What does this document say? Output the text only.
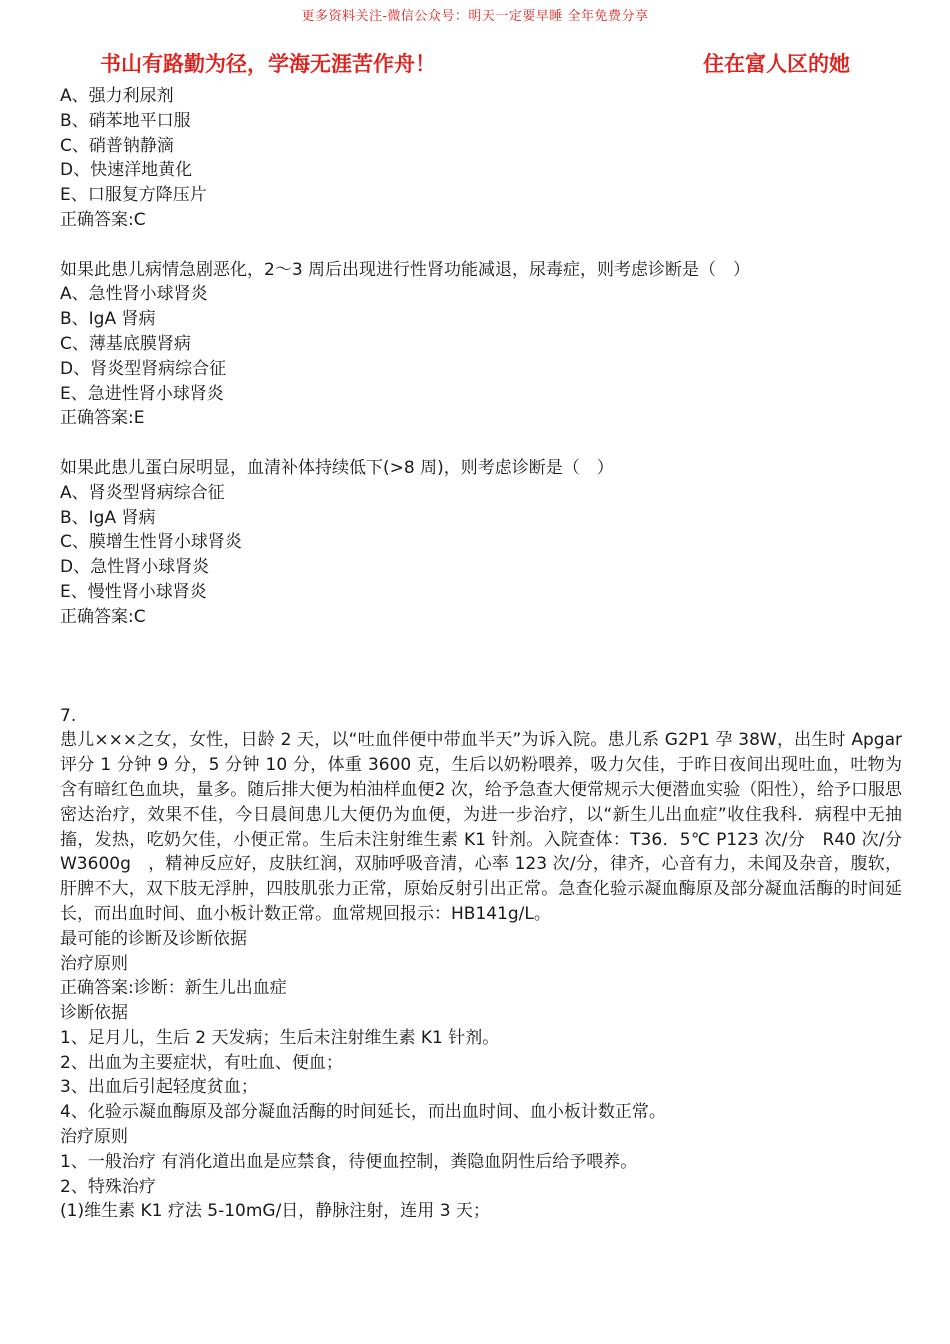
更多资料关注-微信公众号：明天一定要早睡 全年免费分享
书山有路勤为径，学海无涯苦作舟！	住在富人区的她
A、强力利尿剂
B、硝苯地平口服
C、硝普钠静滴
D、快速洋地黄化
E、口服复方降压片
正确答案:C
如果此患儿病情急剧恶化，2～3 周后出现进行性肾功能减退，尿毒症，则考虑诊断是（　）
A、急性肾小球肾炎
B、IgA 肾病
C、薄基底膜肾病
D、肾炎型肾病综合征
E、急进性肾小球肾炎
正确答案:E
如果此患儿蛋白尿明显，血清补体持续低下(>8 周)，则考虑诊断是（　）
A、肾炎型肾病综合征
B、IgA 肾病
C、膜增生性肾小球肾炎
D、急性肾小球肾炎
E、慢性肾小球肾炎
正确答案:C
7.
患儿×××之女，女性，日龄 2 天，以“吐血伴便中带血半天”为诉入院。患儿系 G2P1 孕 38W，出生时 Apgar 评分 1 分钟 9 分，5 分钟 10 分，体重 3600 克，生后以奶粉喂养，吸力欠佳，于昨日夜间出现吐血，吐物为含有暗红色血块，量多。随后排大便为柏油样血便2 次，给予急查大便常规示大便潜血实验（阳性），给予口服思密达治疗，效果不佳，今日晨间患儿大便仍为血便，为进一步治疗，以“新生儿出血症”收住我科．病程中无抽搐，发热，吃奶欠佳，小便正常。生后未注射维生素 K1 针剂。入院查体：T36．5℃ P123 次/分　R40 次/分　W3600g　，精神反应好，皮肤红润，双肺呼吸音清，心率 123 次/分，律齐，心音有力，未闻及杂音，腹软，肝脾不大，双下肢无浮肿，四肢肌张力正常，原始反射引出正常。急查化验示凝血酶原及部分凝血活酶的时间延长，而出血时间、血小板计数正常。血常规回报示：HB141g/L。
最可能的诊断及诊断依据
治疗原则
正确答案:诊断：新生儿出血症
诊断依据
1、足月儿，生后 2 天发病；生后未注射维生素 K1 针剂。
2、出血为主要症状，有吐血、便血；
3、出血后引起轻度贫血；
4、化验示凝血酶原及部分凝血活酶的时间延长，而出血时间、血小板计数正常。
治疗原则
1、一般治疗 有消化道出血是应禁食，待便血控制，粪隐血阴性后给予喂养。
2、特殊治疗
(1)维生素 K1 疗法 5-10mG/日，静脉注射，连用 3 天；
